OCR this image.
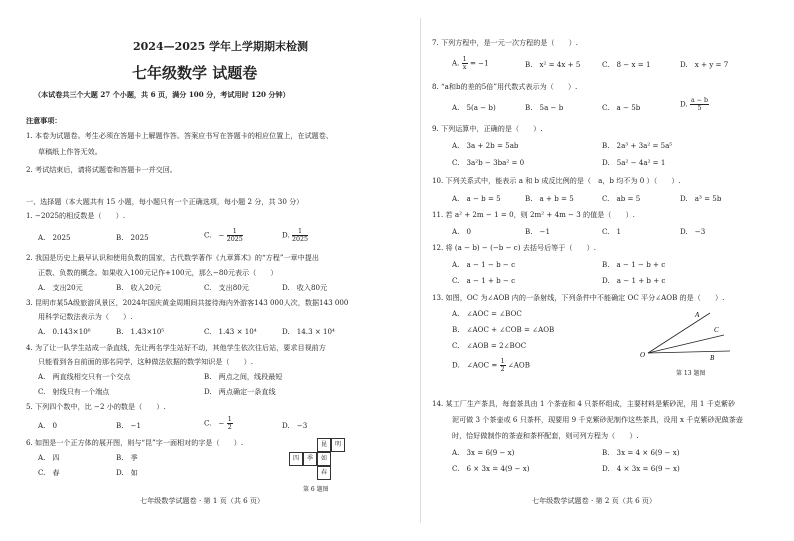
2024—2025 学年上学期期末检测
七年级数学 试题卷
（本试卷共三个大题 27 个小题，共 6 页，满分 100 分，考试用时 120 分钟）
注意事项：
1. 本卷为试题卷。考生必须在答题卡上解题作答。答案应书写在答题卡的相应位置上，在试题卷、
草稿纸上作答无效。
2. 考试结束后，请将试题卷和答题卡一并交回。
一、选择题（本大题共有 15 小题，每小题只有一个正确选项，每小题 2 分，共 30 分）
1. −2025的相反数是（　　）.
A.　2025	B.　2025	C.　− $\frac{1}{2025}$	D. $\frac{1}{2025}$
2. 我国是历史上最早认识和使用负数的国家，古代数学著作《九章算术》的“方程”一章中提出
正数、负数的概念。如果收入100元记作+100元，那么−80元表示（　　）
A.　支出20元	B.　收入20元	C.　支出80元	D.　收入80元
3. 昆明市某5A级旅游风景区，2024年国庆黄金周期间共接待海内外游客143 000人次，数据143 000
用科学记数法表示为（　　）.
A.　0.143×10⁶	B.　1.43×10⁵	C.　1.43 × 10⁴	D.　14.3 × 10⁴
4. 为了让一队学生站成一条直线，先让两名学生站好不动，其他学生依次往后站，要求目视前方
只能看到各自前面的那名同学，这种做法依据的数学知识是（　　）.
A.　两直线相交只有一个交点	B.　两点之间，线段最短
C.　射线只有一个端点	D.　两点确定一条直线
5. 下列四个数中，比 −2 小的数是（　　）.
A.　0	B.　−1	C.　− $\frac{1}{2}$	D.　−3
6. 如图是一个正方体的展开图，则与“昆”字一面相对的字是（　　）.
A.　四	B.　季
C.　春	D.　如
昆	明
四	季	如
春
第 6 题图
七年级数学试题卷 · 第 1 页（共 6 页）
7. 下列方程中，是一元一次方程的是（　　）.
A. $\frac{1}{x} = -1$	B.　x² = 4x + 5	C.　8 − x = 1	D.　x + y = 7
8. “a和b的差的5倍”用代数式表示为（　　）.
A.　5(a − b)	B.　5a − b	C.　a − 5b	D. $\frac{a - b}{5}$
9. 下列运算中，正确的是（　　）.
A.　3a + 2b = 5ab	B.　2a³ + 3a² = 5a⁵
C.　3a²b − 3ba² = 0	D.　5a² − 4a² = 1
10. 下列关系式中，能表示 a 和 b 成反比例的是（　a，b 均不为 0 ）（　　）.
A.　a − b = 5	B.　a + b = 5	C.　ab = 5	D.　a³ = 5b
11. 若 a² + 2m − 1 = 0，则 2m² + 4m − 3 的值是（　　）.
A.　0	B.　−1	C.　1	D.　−3
12. 将 (a − b) − (−b − c) 去括号后等于（　　）.
A.　a − 1 − b − c	B.　a − 1 − b + c
C.　a − 1 + b − c	D.　a − 1 + b + c
13. 如图，OC 为∠AOB 内的一条射线，下列条件中不能确定 OC 平分∠AOB 的是（　　）.
A.　∠AOC = ∠BOC
B.　∠AOC + ∠COB = ∠AOB
C.　∠AOB = 2∠BOC
D.　∠AOC = $\frac{1}{2}$ ∠AOB
A
C
B
O
第 13 题图
14. 某工厂生产茶具，每套茶具由 1 个茶壶和 4 只茶杯组成，主要材料是紫砂泥，用 1 千克紫砂
泥可做 3 个茶壶或 6 只茶杯，现要用 9 千克紫砂泥制作这些茶具，设用 x 千克紫砂泥做茶壶
时，恰好做制作的茶壶和茶杯配套，则可列方程为（　　）.
A.　3x = 6(9 − x)	B.　3x = 4 × 6(9 − x)
C.　6 × 3x = 4(9 − x)	D.　4 × 3x = 6(9 − x)
七年级数学试题卷 · 第 2 页（共 6 页）
